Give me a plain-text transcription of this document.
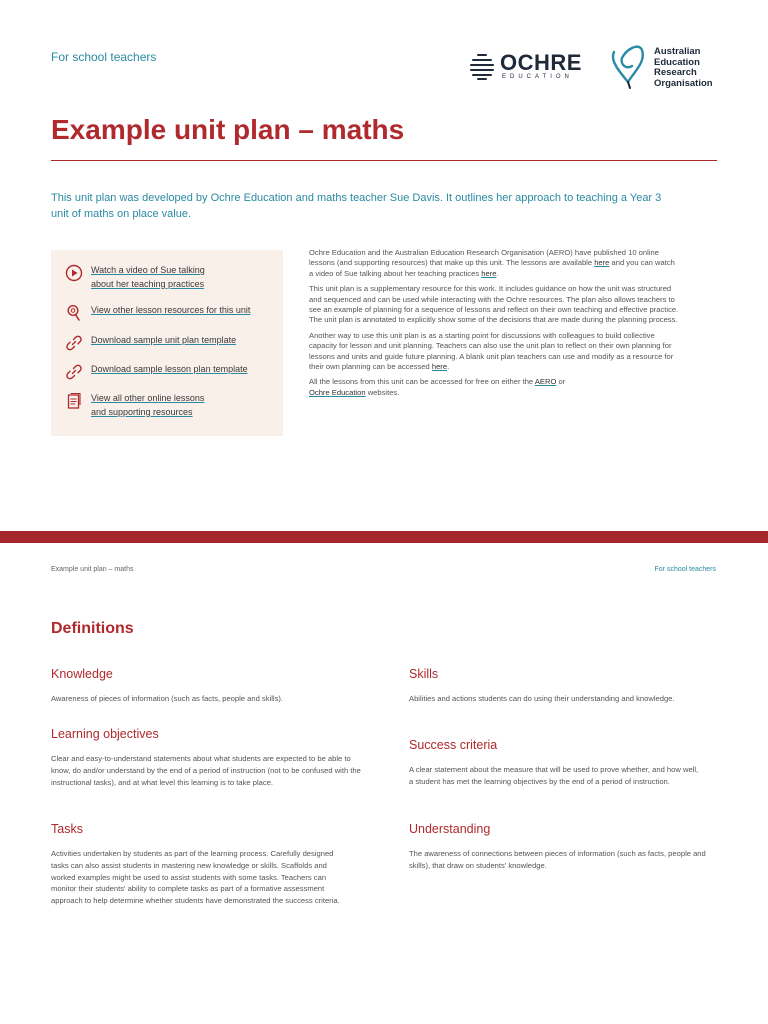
For school teachers	OCHRE
EDUCATION
Australian
Education
Research
Organisation
Example unit plan – maths

This unit plan was developed by Ochre Education and maths teacher Sue Davis. It outlines her approach to teaching a Year 3 unit of maths on place value.

Watch a video of Sue talking
about her teaching practices
View other lesson resources for this unit
Download sample unit plan template
Download sample lesson plan template
View all other online lessons
and supporting resources

Ochre Education and the Australian Education Research Organisation (AERO) have published 10 online lessons (and supporting resources) that make up this unit. The lessons are available here and you can watch a video of Sue talking about her teaching practices here.

This unit plan is a supplementary resource for this work. It includes guidance on how the unit was structured and sequenced and can be used while interacting with the Ochre resources. The plan also allows teachers to see an example of planning for a sequence of lessons and reflect on their own teaching and effective practice. The unit plan is annotated to explicitly show some of the decisions that are made during the planning process.

Another way to use this unit plan is as a starting point for discussions with colleagues to build collective capacity for lesson and unit planning. Teachers can also use the unit plan to reflect on their own planning for lessons and units and guide future planning. A blank unit plan teachers can use and modify as a resource for their own planning can be accessed here.

All the lessons from this unit can be accessed for free on either the AERO or
Ochre Education websites.

Example unit plan – maths	For school teachers
Definitions
Knowledge
Awareness of pieces of information (such as facts, people and skills).
Learning objectives
Clear and easy-to-understand statements about what students are expected to be able to know, do and/or understand by the end of a period of instruction (not to be confused with the instructional tasks), and at what level this learning is to take place.
Tasks
Activities undertaken by students as part of the learning process. Carefully designed tasks can also assist students in mastering new knowledge or skills. Scaffolds and worked examples might be used to assist students with some tasks. Teachers can monitor their students' ability to complete tasks as part of a formative assessment approach to help determine whether students have demonstrated the success criteria.
Skills
Abilities and actions students can do using their understanding and knowledge.
Success criteria
A clear statement about the measure that will be used to prove whether, and how well, a student has met the learning objectives by the end of a period of instruction.
Understanding
The awareness of connections between pieces of information (such as facts, people and skills), that draw on students' knowledge.
